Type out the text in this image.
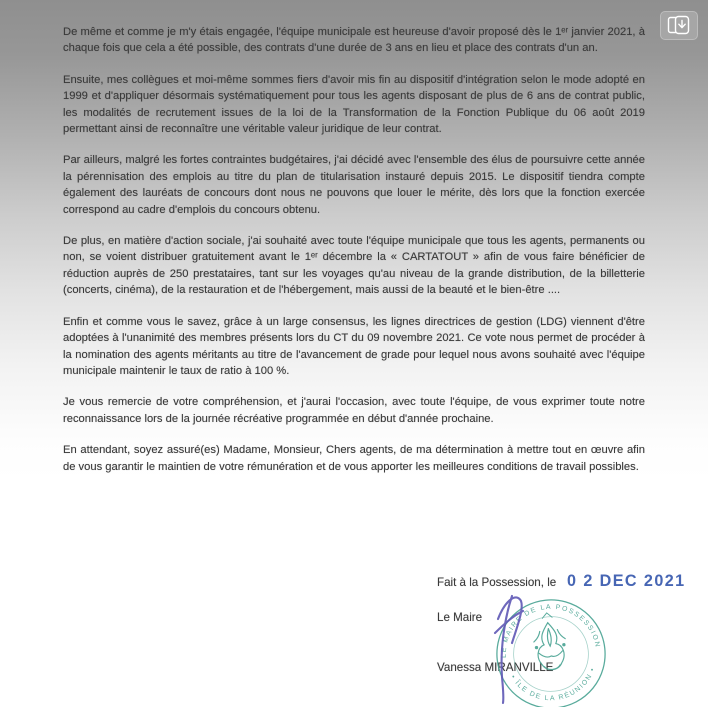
De même et comme je m'y étais engagée, l'équipe municipale est heureuse d'avoir proposé dès le 1ᵉʳ janvier 2021, à chaque fois que cela a été possible, des contrats d'une durée de 3 ans en lieu et place des contrats d'un an.

Ensuite, mes collègues et moi-même sommes fiers d'avoir mis fin au dispositif d'intégration selon le mode adopté en 1999 et d'appliquer désormais systématiquement pour tous les agents disposant de plus de 6 ans de contrat public, les modalités de recrutement issues de la loi de la Transformation de la Fonction Publique du 06 août 2019 permettant ainsi de reconnaître une véritable valeur juridique de leur contrat.

Par ailleurs, malgré les fortes contraintes budgétaires, j'ai décidé avec l'ensemble des élus de poursuivre cette année la pérennisation des emplois au titre du plan de titularisation instauré depuis 2015. Le dispositif tiendra compte également des lauréats de concours dont nous ne pouvons que louer le mérite, dès lors que la fonction exercée correspond au cadre d'emplois du concours obtenu.

De plus, en matière d'action sociale, j'ai souhaité avec toute l'équipe municipale que tous les agents, permanents ou non, se voient distribuer gratuitement avant le 1ᵉʳ décembre la « CARTATOUT » afin de vous faire bénéficier de réduction auprès de 250 prestataires, tant sur les voyages qu'au niveau de la grande distribution, de la billetterie (concerts, cinéma), de la restauration et de l'hébergement, mais aussi de la beauté et le bien-être ....

Enfin et comme vous le savez, grâce à un large consensus, les lignes directrices de gestion (LDG) viennent d'être adoptées à l'unanimité des membres présents lors du CT du 09 novembre 2021. Ce vote nous permet de procéder à la nomination des agents méritants au titre de l'avancement de grade pour lequel nous avons souhaité avec l'équipe municipale maintenir le taux de ratio à 100 %.

Je vous remercie de votre compréhension, et j'aurai l'occasion, avec toute l'équipe, de vous exprimer toute notre reconnaissance lors de la journée récréative programmée en début d'année prochaine.

En attendant, soyez assuré(es) Madame, Monsieur, Chers agents, de ma détermination à mettre tout en œuvre afin de vous garantir le maintien de votre rémunération et de vous apporter les meilleures conditions de travail possibles.

Fait à la Possession, le 0 2 DEC 2021
Le Maire
Vanessa MIRANVILLE
LE MAIRE DE LA POSSESSION
• ÎLE DE LA RÉUNION •
